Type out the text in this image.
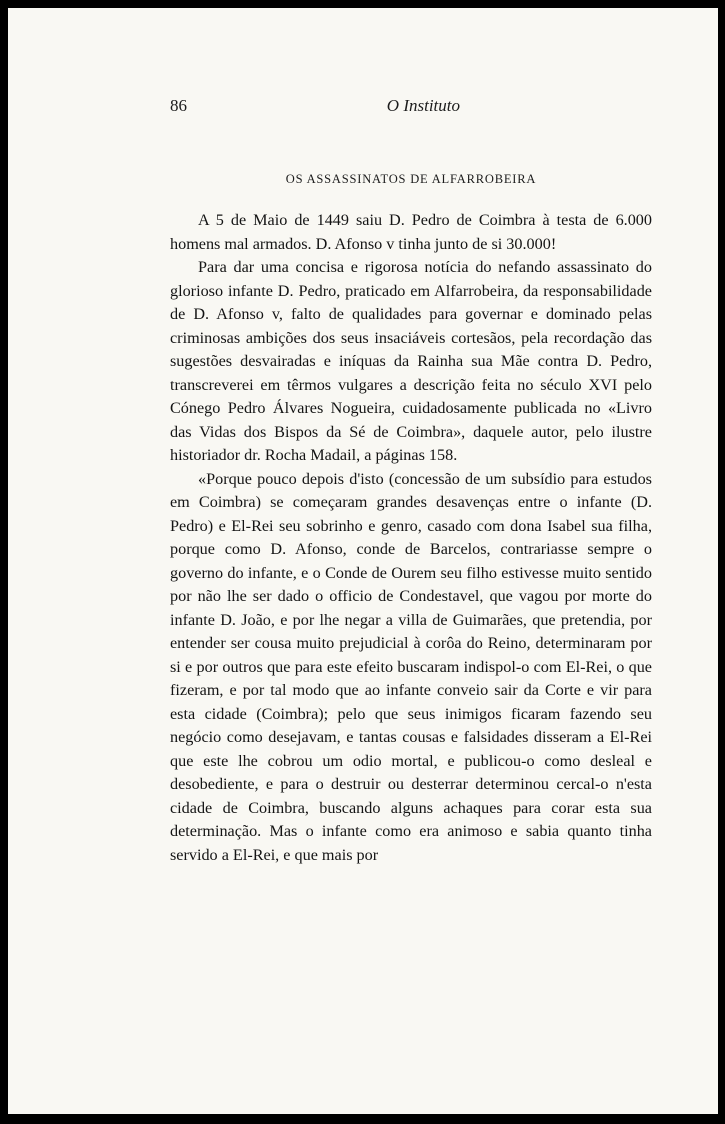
86	O Instituto
OS ASSASSINATOS DE ALFARROBEIRA

A 5 de Maio de 1449 saiu D. Pedro de Coimbra à testa de 6.000 homens mal armados. D. Afonso v tinha junto de si 30.000!

Para dar uma concisa e rigorosa notícia do nefando assassinato do glorioso infante D. Pedro, praticado em Alfarrobeira, da responsabilidade de D. Afonso v, falto de qualidades para governar e dominado pelas criminosas ambições dos seus insaciáveis cortesãos, pela recordação das sugestões desvairadas e iníquas da Rainha sua Mãe contra D. Pedro, transcreverei em têrmos vulgares a descrição feita no século XVI pelo Cónego Pedro Álvares Nogueira, cuidadosamente publicada no «Livro das Vidas dos Bispos da Sé de Coimbra», daquele autor, pelo ilustre historiador dr. Rocha Madail, a páginas 158.

«Porque pouco depois d'isto (concessão de um subsídio para estudos em Coimbra) se começaram grandes desavenças entre o infante (D. Pedro) e El-Rei seu sobrinho e genro, casado com dona Isabel sua filha, porque como D. Afonso, conde de Barcelos, contrariasse sempre o governo do infante, e o Conde de Ourem seu filho estivesse muito sentido por não lhe ser dado o officio de Condestavel, que vagou por morte do infante D. João, e por lhe negar a villa de Guimarães, que pretendia, por entender ser cousa muito prejudicial à corôa do Reino, determinaram por si e por outros que para este efeito buscaram indispol-o com El-Rei, o que fizeram, e por tal modo que ao infante conveio sair da Corte e vir para esta cidade (Coimbra); pelo que seus inimigos ficaram fazendo seu negócio como desejavam, e tantas cousas e falsidades disseram a El-Rei que este lhe cobrou um odio mortal, e publicou-o como desleal e desobediente, e para o destruir ou desterrar determinou cercal-o n'esta cidade de Coimbra, buscando alguns achaques para corar esta sua determinação. Mas o infante como era animoso e sabia quanto tinha servido a El-Rei, e que mais por
